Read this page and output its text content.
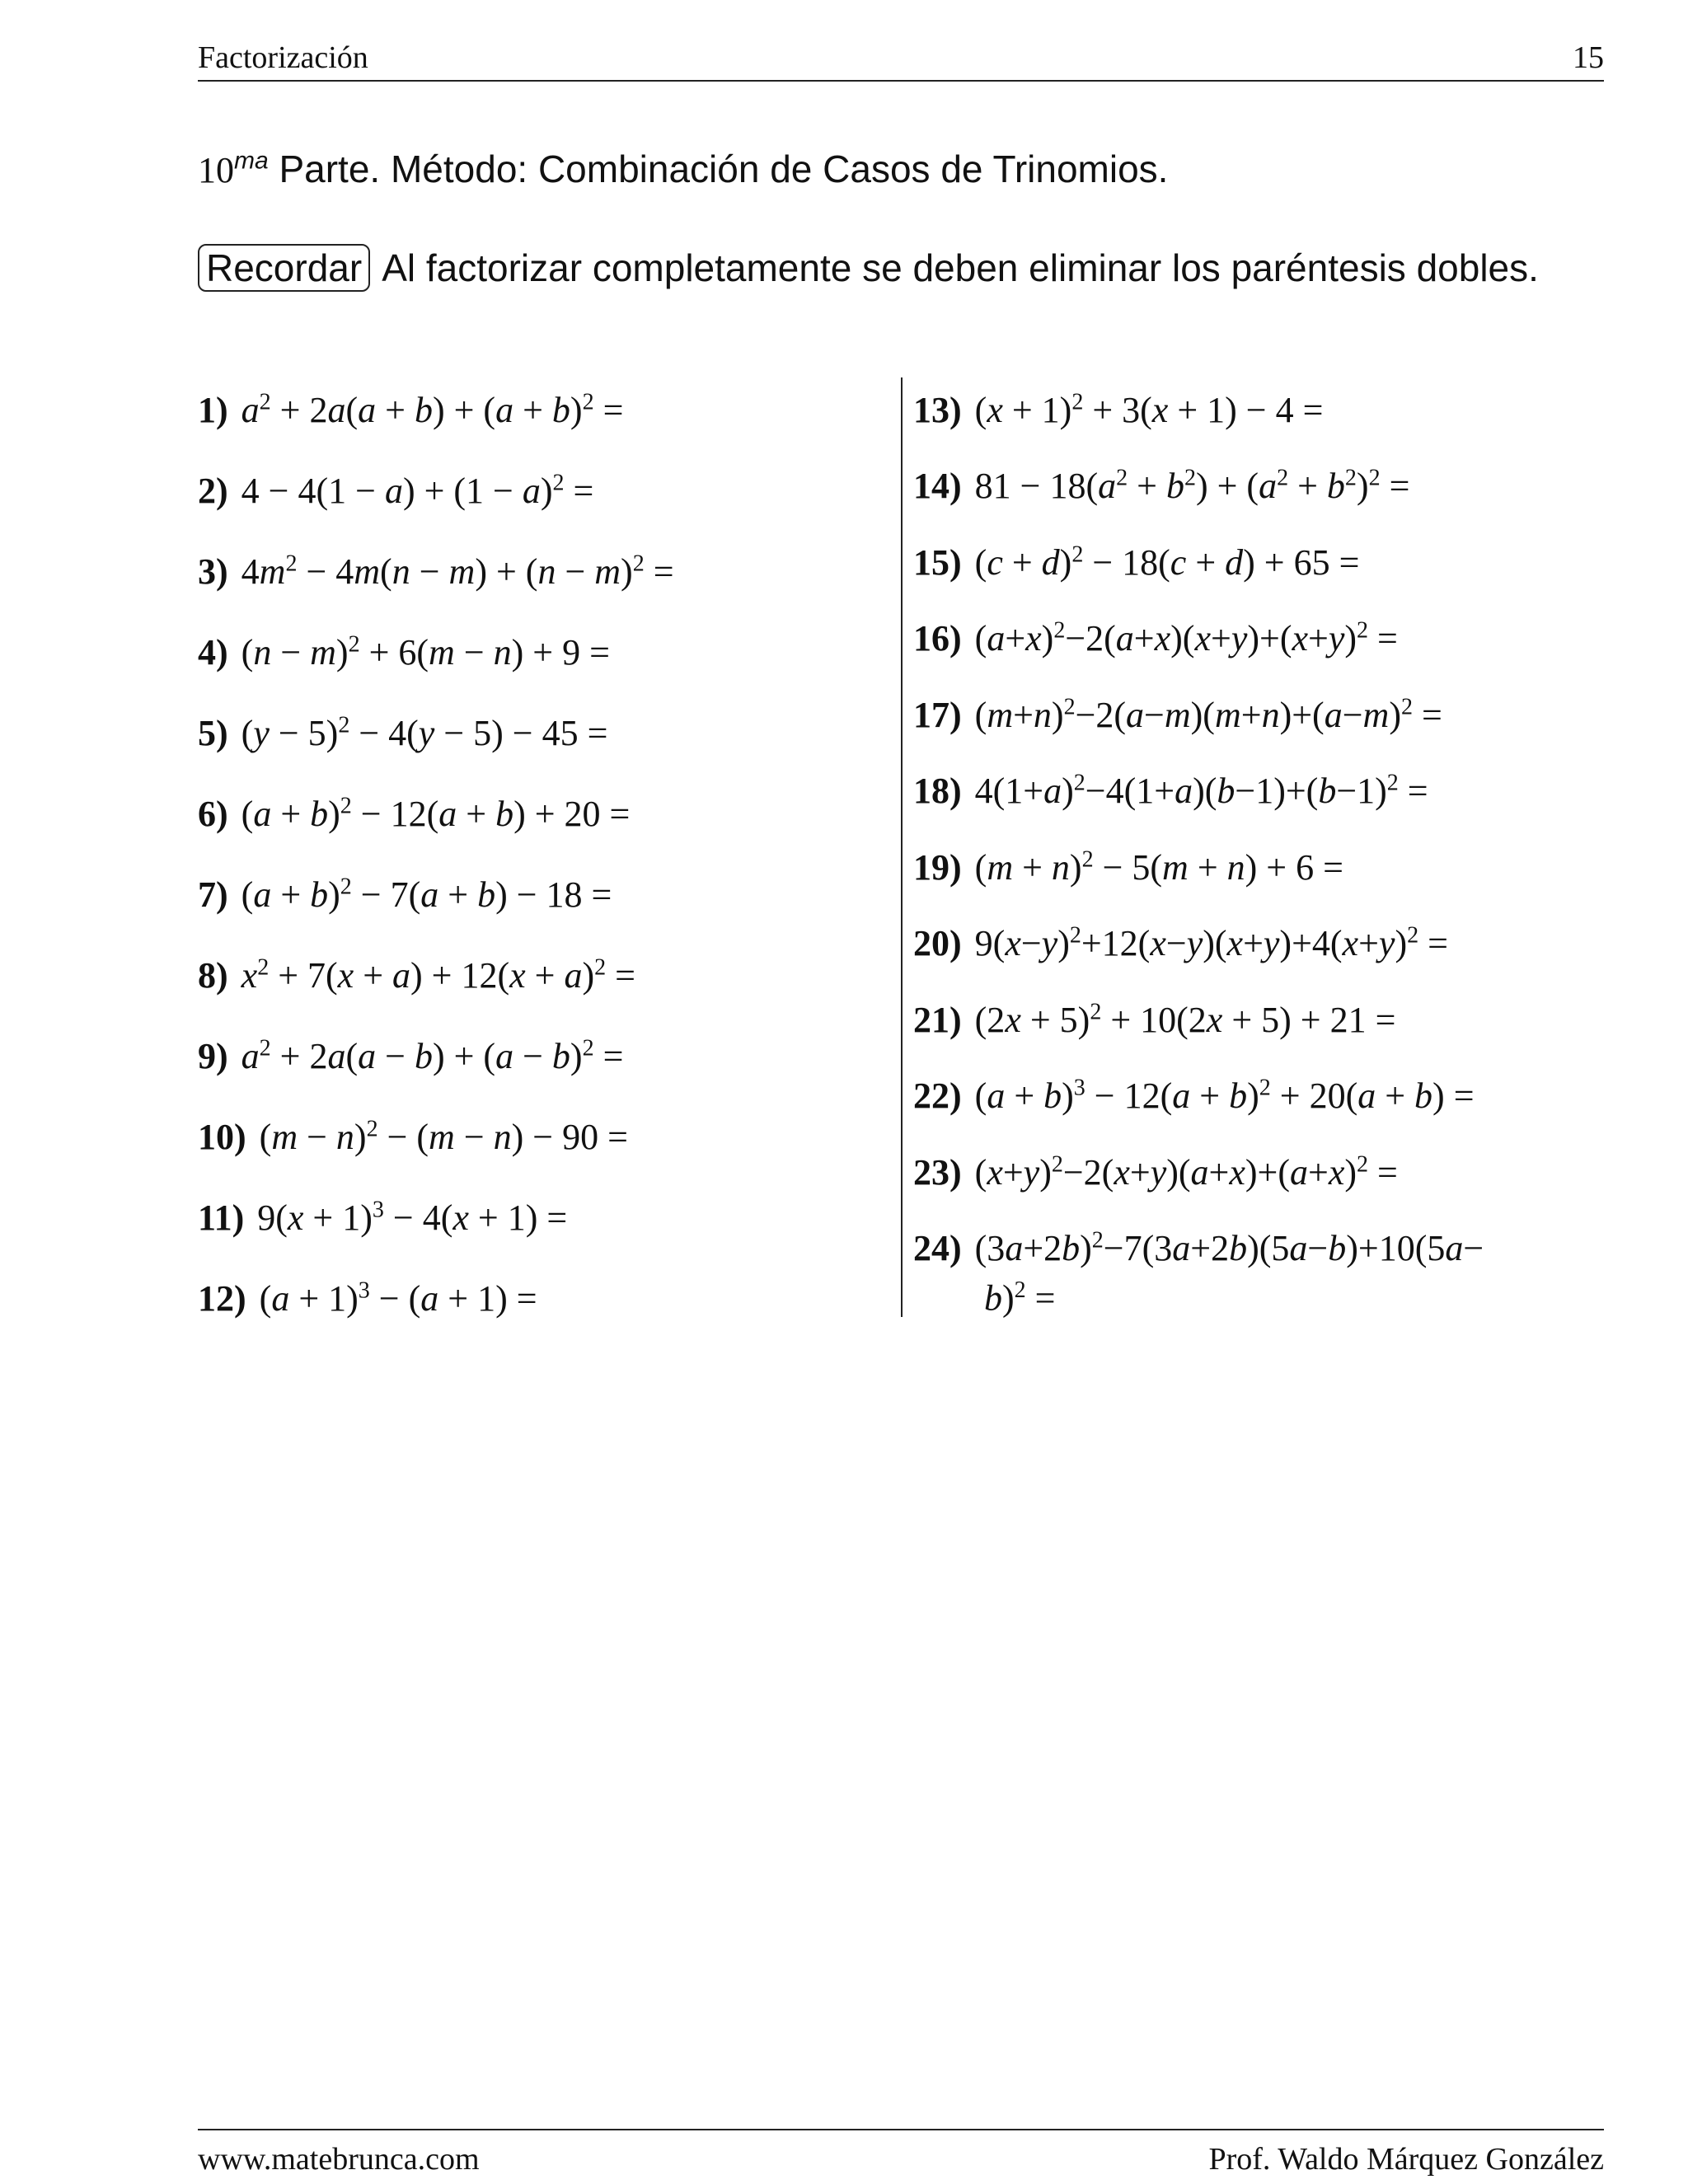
Factorización	15
$10^{ma}$ Parte. Método: Combinación de Casos de Trinomios.
Recordar Al factorizar completamente se deben eliminar los paréntesis dobles.
1) $a^2 + 2a(a + b) + (a + b)^2$ =
2) $4 - 4(1 - a) + (1 - a)^2$ =
3) $4m^2 - 4m(n - m) + (n - m)^2$ =
4) $(n - m)^2 + 6(m - n) + 9$ =
5) $(y - 5)^2 - 4(y - 5) - 45$ =
6) $(a + b)^2 - 12(a + b) + 20$ =
7) $(a + b)^2 - 7(a + b) - 18$ =
8) $x^2 + 7(x + a) + 12(x + a)^2$ =
9) $a^2 + 2a(a - b) + (a - b)^2$ =
10) $(m - n)^2 - (m - n) - 90$ =
11) $9(x + 1)^3 - 4(x + 1)$ =
12) $(a + 1)^3 - (a + 1)$ =
13) $(x + 1)^2 + 3(x + 1) - 4$ =
14) $81 - 18(a^2 + b^2) + (a^2 + b^2)^2$ =
15) $(c + d)^2 - 18(c + d) + 65$ =
16) $(a+x)^2-2(a+x)(x+y)+(x+y)^2$ =
17) $(m+n)^2-2(a-m)(m+n)+(a-m)^2$ =
18) $4(1+a)^2-4(1+a)(b-1)+(b-1)^2$ =
19) $(m + n)^2 - 5(m + n) + 6$ =
20) $9(x-y)^2+12(x-y)(x+y)+4(x+y)^2$ =
21) $(2x + 5)^2 + 10(2x + 5) + 21$ =
22) $(a + b)^3 - 12(a + b)^2 + 20(a + b)$ =
23) $(x+y)^2-2(x+y)(a+x)+(a+x)^2$ =
24) $(3a+2b)^2-7(3a+2b)(5a-b)+10(5a-$
b)$^2$ =
www.matebrunca.com	Prof. Waldo Márquez González
